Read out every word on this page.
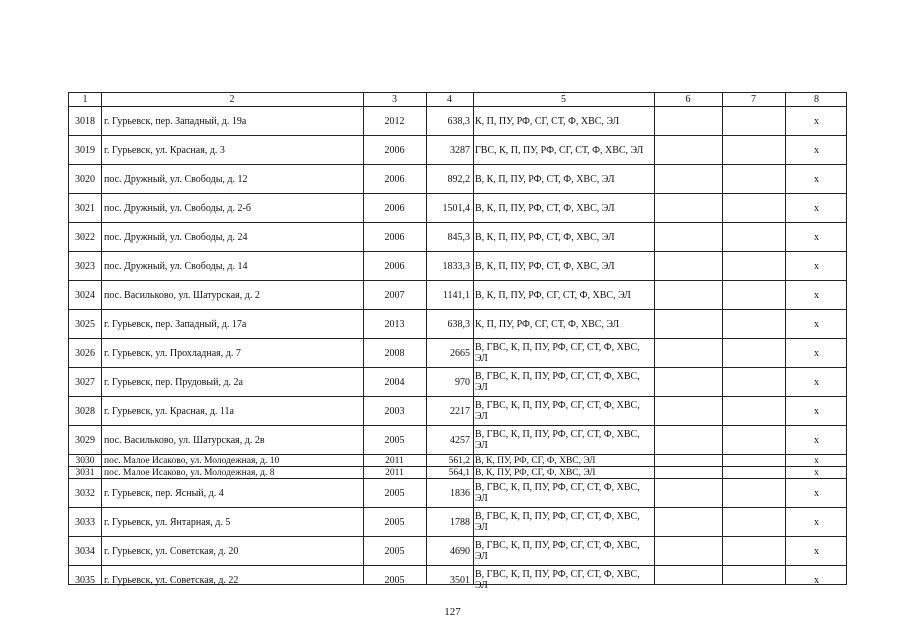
1	2	3	4	5	6	7	8
3018 г. Гурьевск, пер. Западный, д. 19а	2012	638,3 К, П, ПУ, РФ, СГ, СТ, Ф, ХВС, ЭЛ	х
3019 г. Гурьевск, ул. Красная, д. 3	2006	3287 ГВС, К, П, ПУ, РФ, СГ, СТ, Ф, ХВС, ЭЛ	х
3020 пос. Дружный, ул. Свободы, д. 12	2006	892,2 В, К, П, ПУ, РФ, СТ, Ф, ХВС, ЭЛ	х
3021 пос. Дружный, ул. Свободы, д. 2-б	2006	1501,4 В, К, П, ПУ, РФ, СТ, Ф, ХВС, ЭЛ	х
3022 пос. Дружный, ул. Свободы, д. 24	2006	845,3 В, К, П, ПУ, РФ, СТ, Ф, ХВС, ЭЛ	х
3023 пос. Дружный, ул. Свободы, д. 14	2006	1833,3 В, К, П, ПУ, РФ, СТ, Ф, ХВС, ЭЛ	х
3024 пос. Васильково, ул. Шатурская, д. 2	2007	1141,1 В, К, П, ПУ, РФ, СГ, СТ, Ф, ХВС, ЭЛ	х
3025 г. Гурьевск, пер. Западный, д. 17а	2013	638,3 К, П, ПУ, РФ, СГ, СТ, Ф, ХВС, ЭЛ	х
3026 г. Гурьевск, ул. Прохладная, д. 7	2008	2665 В, ГВС, К, П, ПУ, РФ, СГ, СТ, Ф, ХВС, ЭЛ	х
3027 г. Гурьевск, пер. Прудовый, д. 2а	2004	970 В, ГВС, К, П, ПУ, РФ, СГ, СТ, Ф, ХВС, ЭЛ	х
3028 г. Гурьевск, ул. Красная, д. 11а	2003	2217 В, ГВС, К, П, ПУ, РФ, СГ, СТ, Ф, ХВС, ЭЛ	х
3029 пос. Васильково, ул. Шатурская, д. 2в	2005	4257 В, ГВС, К, П, ПУ, РФ, СГ, СТ, Ф, ХВС, ЭЛ	х
3030	пос. Малое Исаково, ул. Молодежная, д. 10	2011	561,2 В, К, ПУ, РФ, СГ, Ф, ХВС, ЭЛ	х
3031	пос. Малое Исаково, ул. Молодежная, д. 8	2011	564,1 В, К, ПУ, РФ, СГ, Ф, ХВС, ЭЛ	х
3032 г. Гурьевск, пер. Ясный, д. 4	2005	1836 В, ГВС, К, П, ПУ, РФ, СГ, СТ, Ф, ХВС, ЭЛ	х
3033 г. Гурьевск, ул. Янтарная, д. 5	2005	1788 В, ГВС, К, П, ПУ, РФ, СГ, СТ, Ф, ХВС, ЭЛ	х
3034 г. Гурьевск, ул. Советская, д. 20	2005	4690 В, ГВС, К, П, ПУ, РФ, СГ, СТ, Ф, ХВС, ЭЛ	х
3035 г. Гурьевск, ул. Советская, д. 22	2005	3501 В, ГВС, К, П, ПУ, РФ, СГ, СТ, Ф, ХВС, ЭЛ	х
127
